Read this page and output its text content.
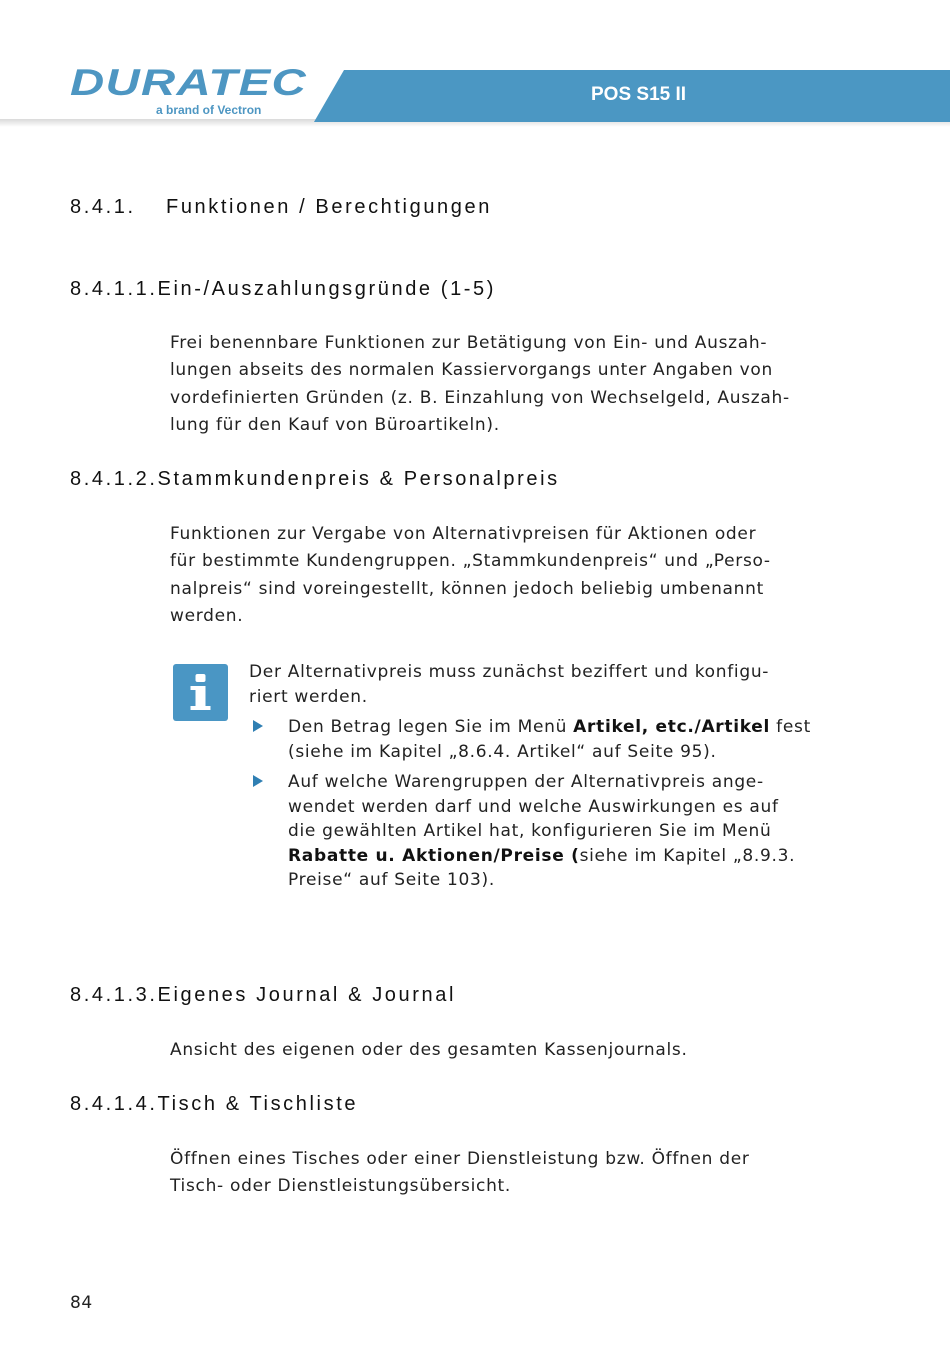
DURATEC
a brand of Vectron
POS S15 II
8.4.1. Funktionen / Berechtigungen
8.4.1.1.Ein-/Auszahlungsgründe (1-5)
Frei benennbare Funktionen zur Betätigung von Ein- und Auszah-
lungen abseits des normalen Kassiervorgangs unter Angaben von
vordefinierten Gründen (z. B. Einzahlung von Wechselgeld, Auszah-
lung für den Kauf von Büroartikeln).
8.4.1.2.Stammkundenpreis & Personalpreis
Funktionen zur Vergabe von Alternativpreisen für Aktionen oder
für bestimmte Kundengruppen. „Stammkundenpreis“ und „Perso-
nalpreis“ sind voreingestellt, können jedoch beliebig umbenannt
werden.
Der Alternativpreis muss zunächst beziffert und konfigu-
riert werden.
Den Betrag legen Sie im Menü Artikel, etc./Artikel fest
(siehe im Kapitel „8.6.4. Artikel“ auf Seite 95).
Auf welche Warengruppen der Alternativpreis ange-
wendet werden darf und welche Auswirkungen es auf
die gewählten Artikel hat, konfigurieren Sie im Menü
Rabatte u. Aktionen/Preise (siehe im Kapitel „8.9.3.
Preise“ auf Seite 103).
8.4.1.3.Eigenes Journal & Journal
Ansicht des eigenen oder des gesamten Kassenjournals.
8.4.1.4.Tisch & Tischliste
Öffnen eines Tisches oder einer Dienstleistung bzw. Öffnen der
Tisch- oder Dienstleistungsübersicht.
84
